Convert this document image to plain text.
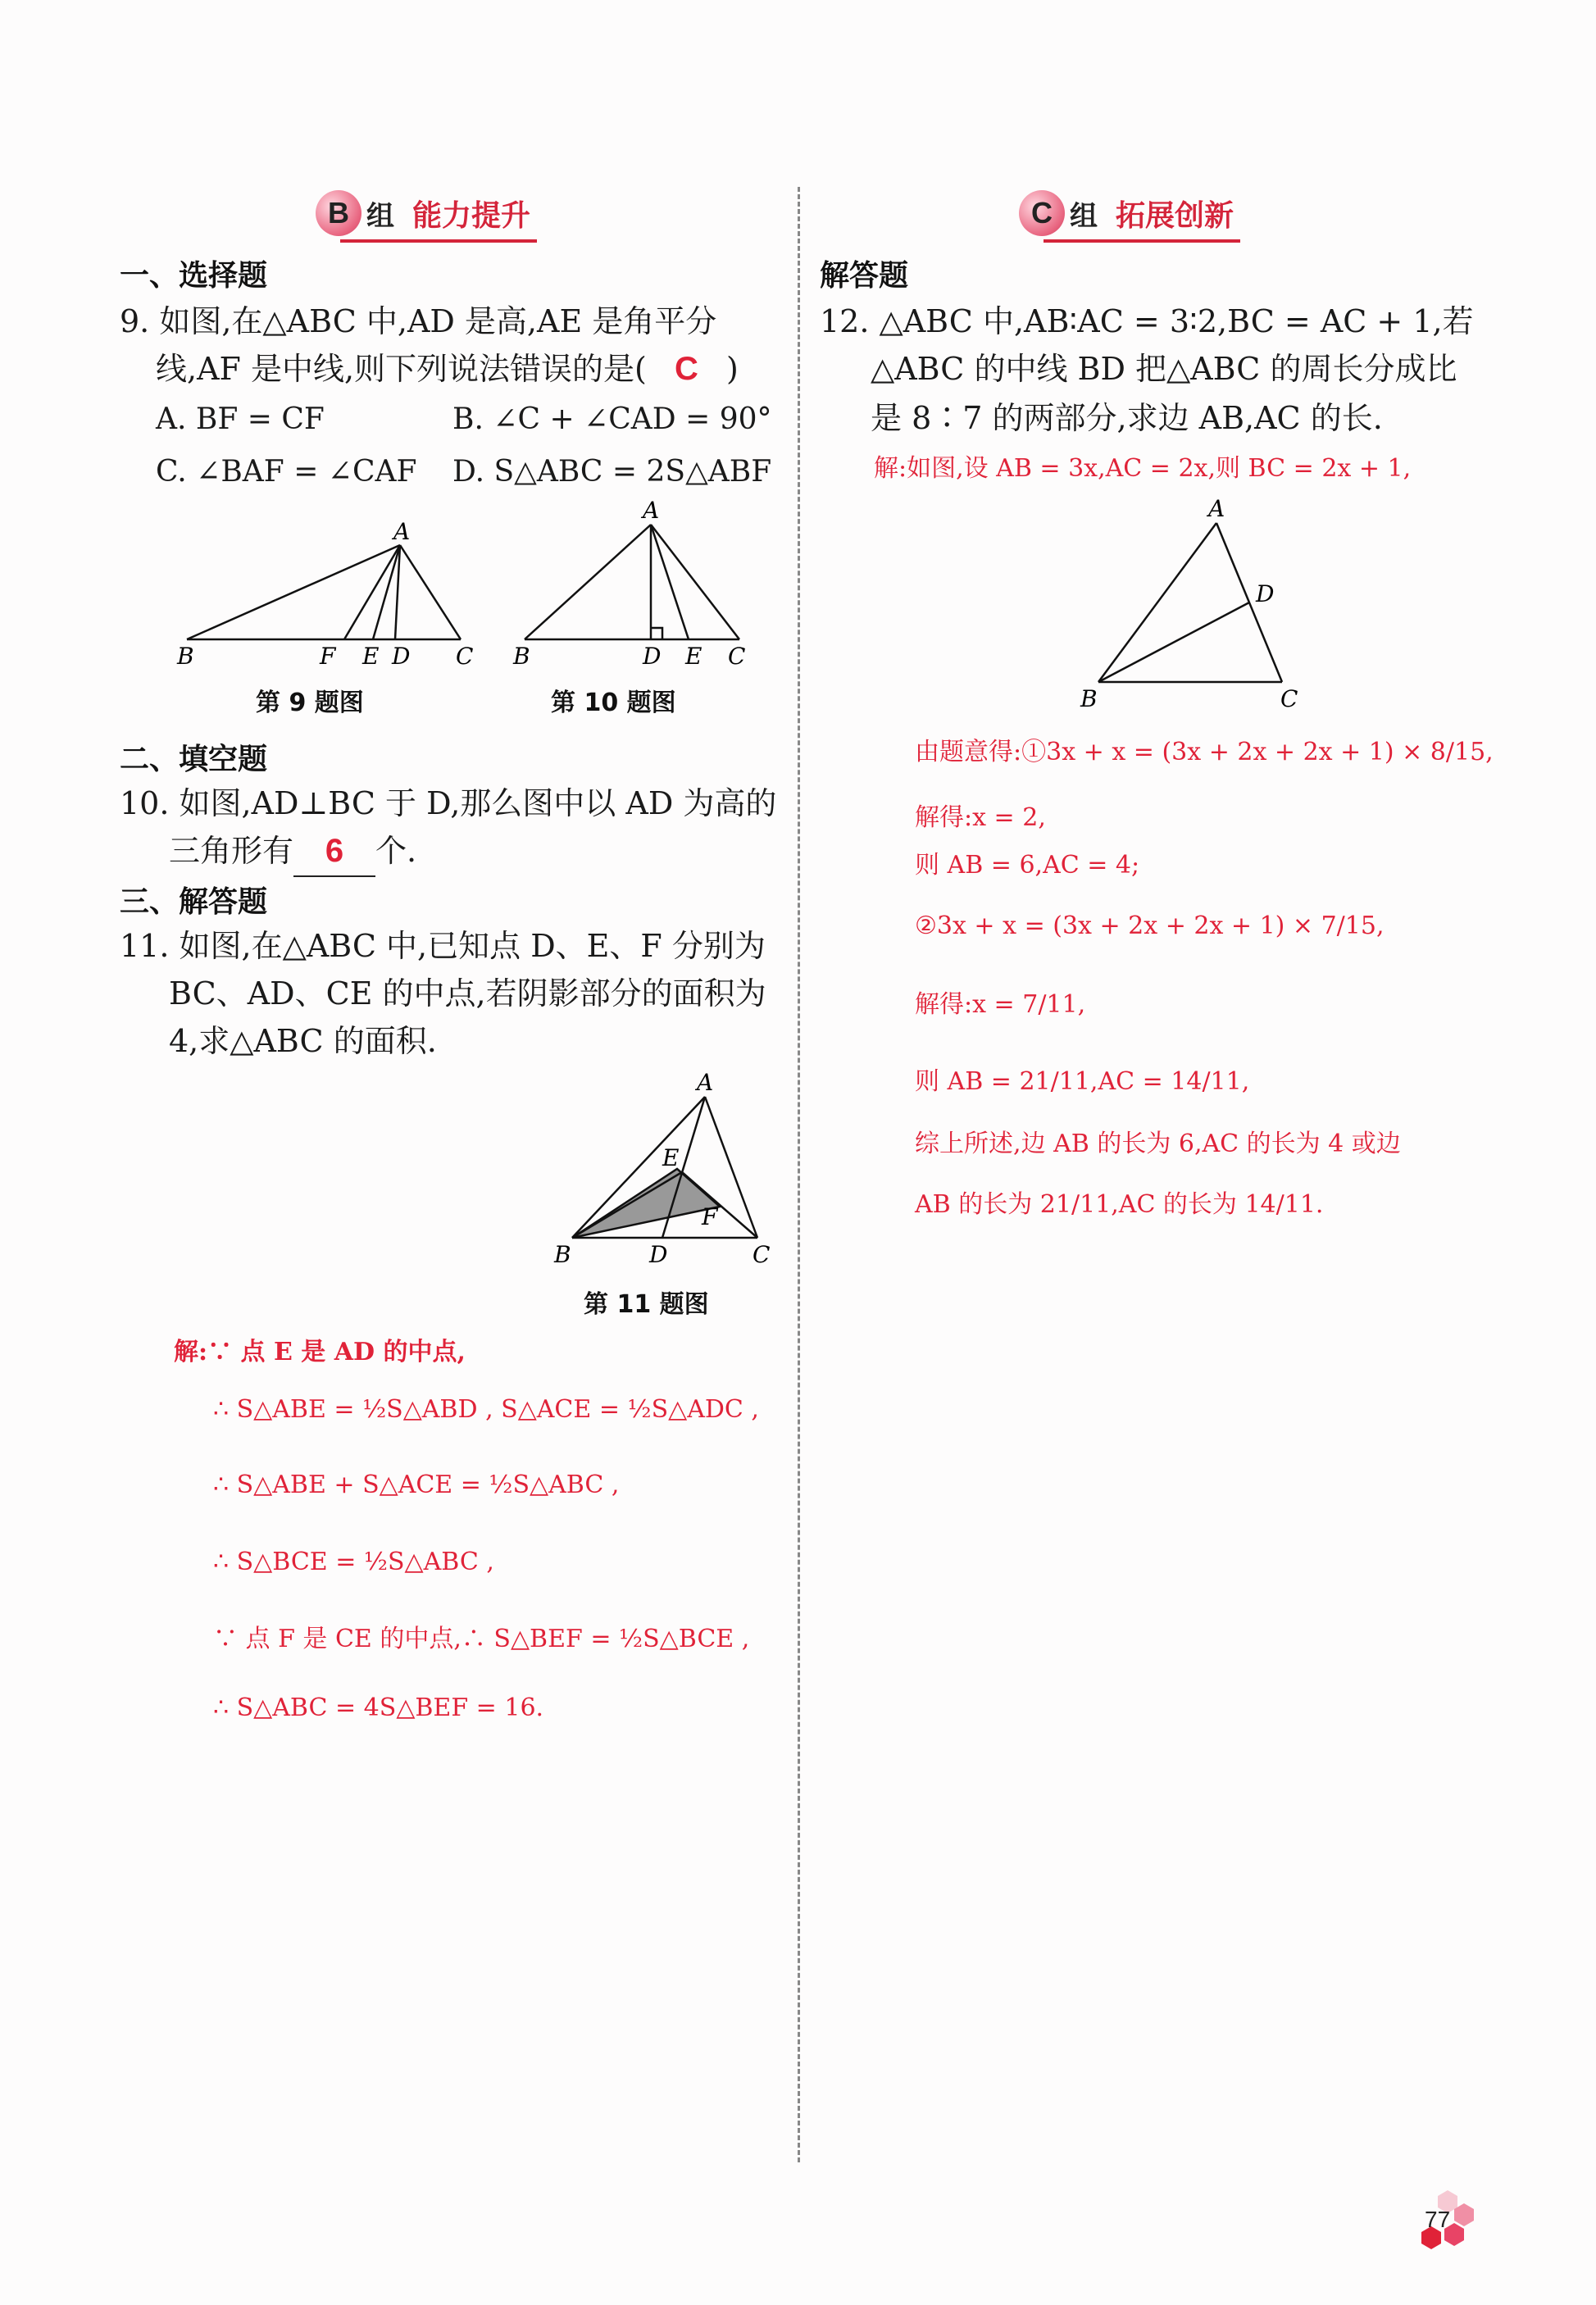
B 组 能力提升
一、选择题
9. 如图,在△ABC 中,AD 是高,AE 是角平分
线,AF 是中线,则下列说法错误的是( C )
A. BF = CF	B. ∠C + ∠CAD = 90°
C. ∠BAF = ∠CAF D. S△ABC = 2S△ABF
A
B	F E D C
第 9 题图
A
B	D E C
第 10 题图
二、填空题
10. 如图,AD⊥BC 于 D,那么图中以 AD 为高的
三角形有 6 个.
三、解答题
11. 如图,在△ABC 中,已知点 D、E、F 分别为
BC、AD、CE 的中点,若阴影部分的面积为
4,求△ABC 的面积.
A
E
F
B	D	C
第 11 题图
解:∵ 点 E 是 AD 的中点,
∴ S△ABE = ½S△ABD , S△ACE = ½S△ADC ,
∴ S△ABE + S△ACE = ½S△ABC ,
∴ S△BCE = ½S△ABC ,
∵ 点 F 是 CE 的中点,∴ S△BEF = ½S△BCE ,
∴ S△ABC = 4S△BEF = 16.
C 组 拓展创新
解答题
12. △ABC 中,AB∶AC = 3∶2,BC = AC + 1,若
△ABC 的中线 BD 把△ABC 的周长分成比
是 8∶7 的两部分,求边 AB,AC 的长.
解:如图,设 AB = 3x,AC = 2x,则 BC = 2x + 1,
A
D
B	C
由题意得:①3x + x = (3x + 2x + 2x + 1) × 8/15,
解得:x = 2,
则 AB = 6,AC = 4;
②3x + x = (3x + 2x + 2x + 1) × 7/15,
解得:x = 7/11,
则 AB = 21/11,AC = 14/11,
综上所述,边 AB 的长为 6,AC 的长为 4 或边
AB 的长为 21/11,AC 的长为 14/11.
77
